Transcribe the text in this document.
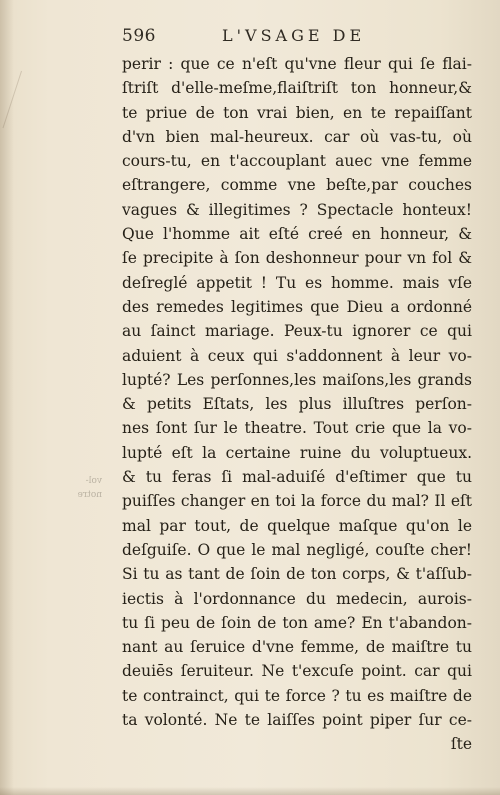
596	L'VSAGE DE
vol-
notre
perir : que ce n'eſt qu'vne fleur qui ſe flai-
ſtriſt d'elle-meſme,flaiſtriſt ton honneur,&
te priue de ton vrai bien, en te repaiſſant
d'vn bien mal-heureux. car où vas-tu, où
cours-tu, en t'accouplant auec vne femme
eſtrangere, comme vne beſte,par couches
vagues & illegitimes ? Spectacle honteux!
Que l'homme ait eſté creé en honneur, &
ſe precipite à ſon deshonneur pour vn fol &
deſreglé appetit ! Tu es homme. mais vſe
des remedes legitimes que Dieu a ordonné
au ſainct mariage. Peux-tu ignorer ce qui
aduient à ceux qui s'addonnent à leur vo-
lupté? Les perſonnes,les maiſons,les grands
& petits Eſtats, les plus illuſtres perſon-
nes ſont ſur le theatre. Tout crie que la vo-
lupté eſt la certaine ruine du voluptueux.
& tu feras ſi mal-aduiſé d'eſtimer que tu
puiſſes changer en toi la force du mal? Il eſt
mal par tout, de quelque maſque qu'on le
deſguiſe. O que le mal negligé, couſte cher!
Si tu as tant de ſoin de ton corps, & t'aſſub-
iectis à l'ordonnance du medecin, aurois-
tu ſi peu de ſoin de ton ame? En t'abandon-
nant au ſeruice d'vne femme, de maiſtre tu
deuiēs ſeruiteur. Ne t'excuſe point. car qui
te contrainct, qui te force ? tu es maiſtre de
ta volonté. Ne te laiſſes point piper ſur ce-
ſte
